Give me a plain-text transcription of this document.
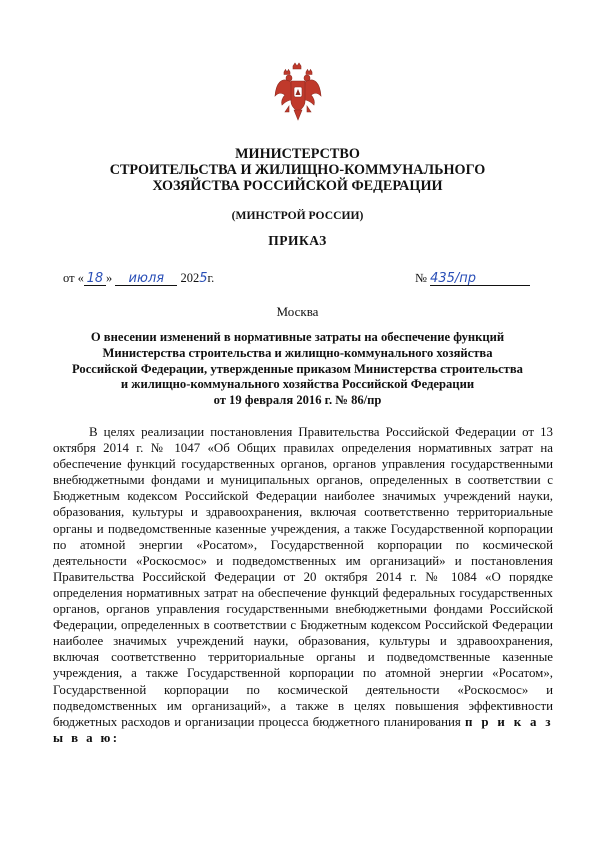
МИНИСТЕРСТВО
СТРОИТЕЛЬСТВА И ЖИЛИЩНО-КОММУНАЛЬНОГО
ХОЗЯЙСТВА РОССИЙСКОЙ ФЕДЕРАЦИИ
(МИНСТРОЙ РОССИИ)
ПРИКАЗ
от « 18 » июля 2025г.	№ 435/пр
Москва
О внесении изменений в нормативные затраты на обеспечение функций
Министерства строительства и жилищно-коммунального хозяйства
Российской Федерации, утвержденные приказом Министерства строительства
и жилищно-коммунального хозяйства Российской Федерации
от 19 февраля 2016 г. № 86/пр

В целях реализации постановления Правительства Российской Федерации от 13 октября 2014 г. № 1047 «Об Общих правилах определения нормативных затрат на обеспечение функций государственных органов, органов управления государственными внебюджетными фондами и муниципальных органов, определенных в соответствии с Бюджетным кодексом Российской Федерации наиболее значимых учреждений науки, образования, культуры и здравоохранения, включая соответственно территориальные органы и подведомственные казенные учреждения, а также Государственной корпорации по атомной энергии «Росатом», Государственной корпорации по космической деятельности «Роскосмос» и подведомственных им организаций» и постановления Правительства Российской Федерации от 20 октября 2014 г. № 1084 «О порядке определения нормативных затрат на обеспечение функций федеральных государственных органов, органов управления государственными внебюджетными фондами Российской Федерации, определенных в соответствии с Бюджетным кодексом Российской Федерации наиболее значимых учреждений науки, образования, культуры и здравоохранения, включая соответственно территориальные органы и подведомственные казенные учреждения, а также Государственной корпорации по атомной энергии «Росатом», Государственной корпорации по космической деятельности «Роскосмос» и подведомственных им организаций», а также в целях повышения эффективности бюджетных расходов и организации процесса бюджетного планирования п р и к а з ы в а ю:
